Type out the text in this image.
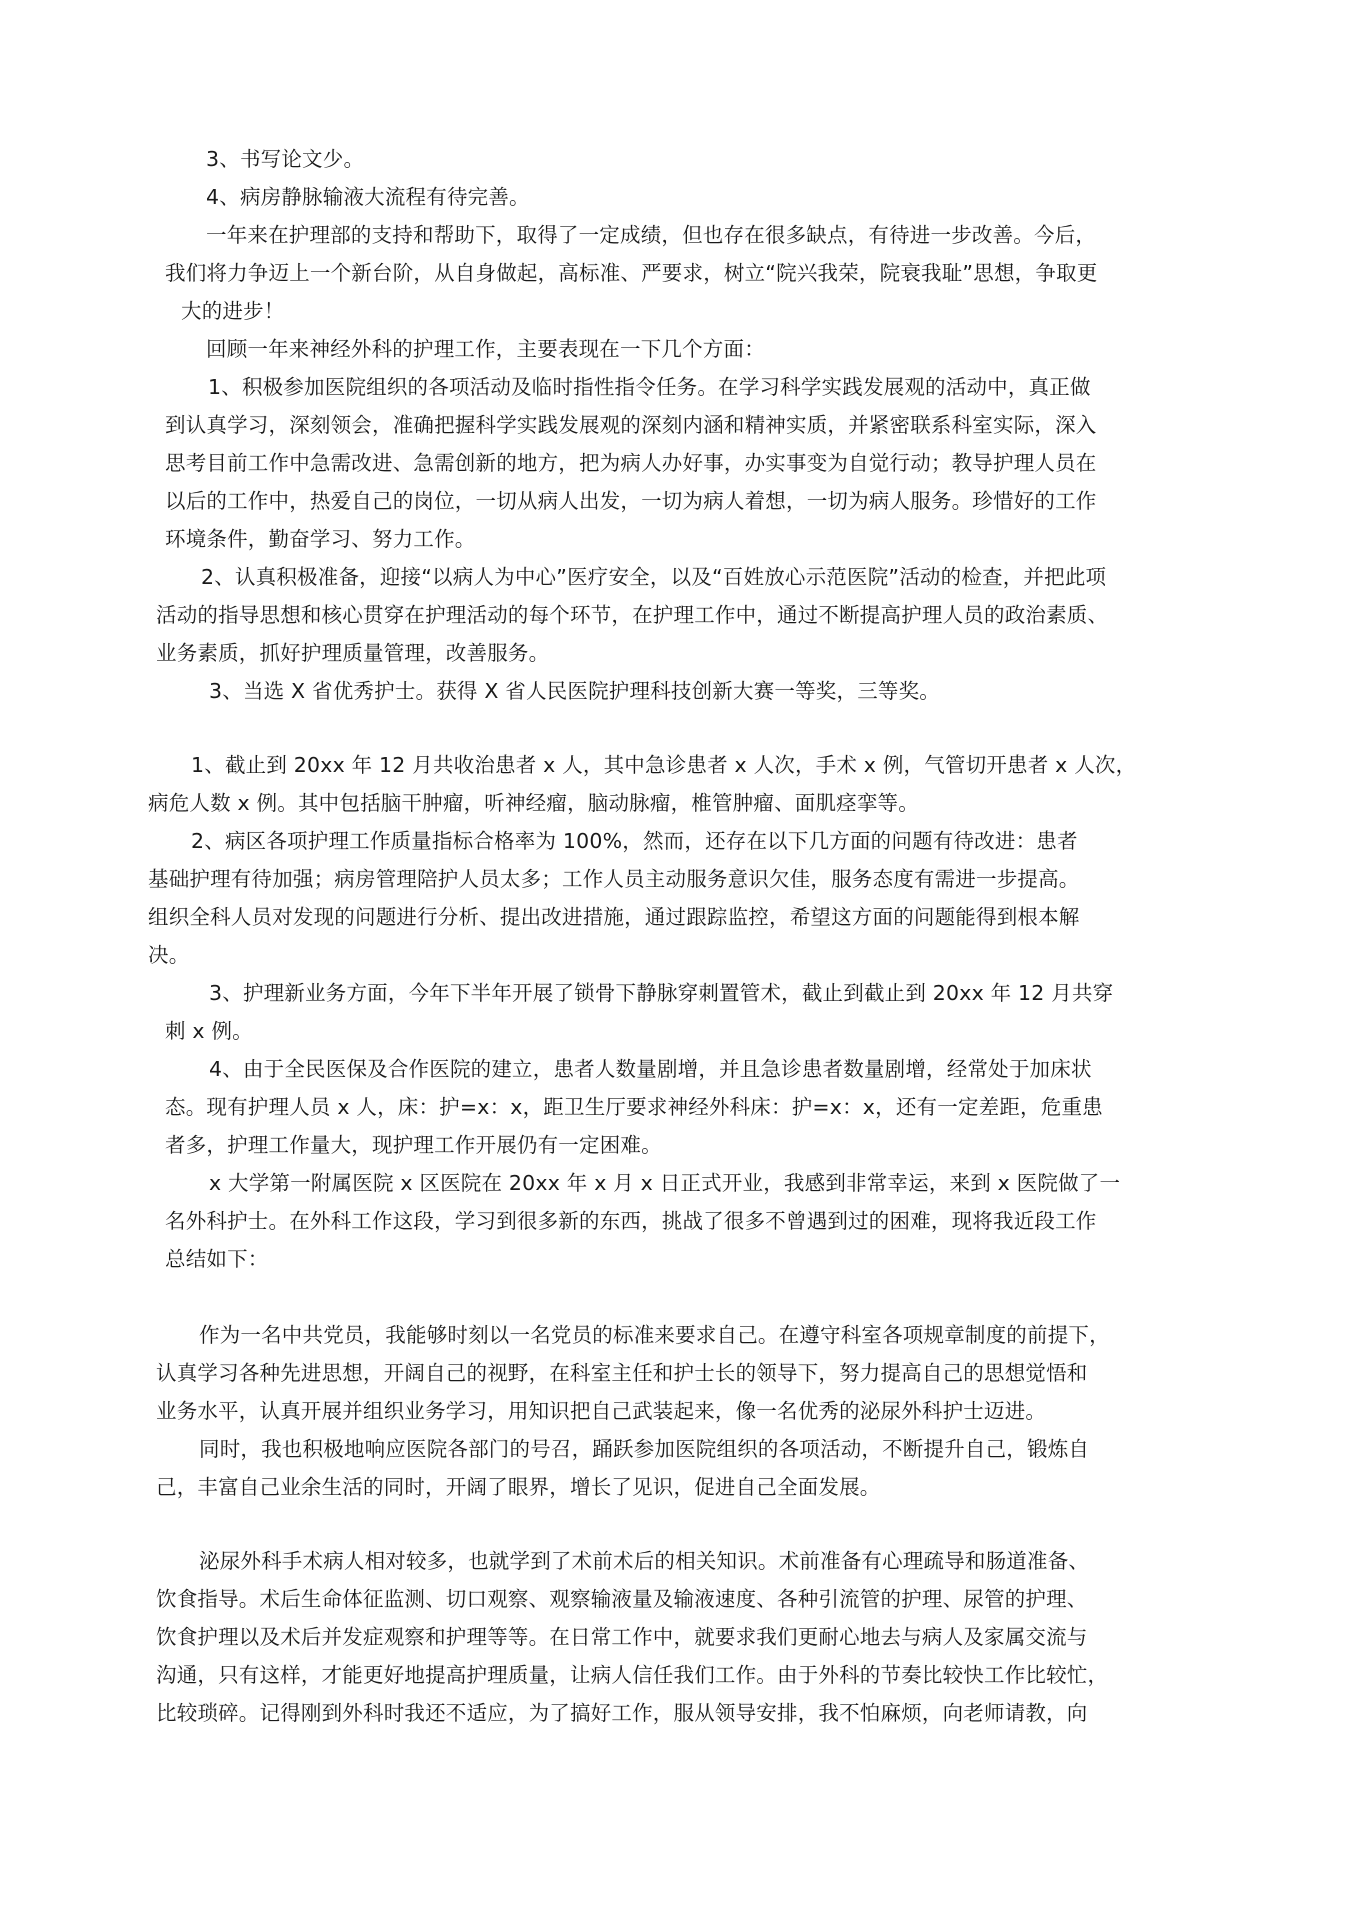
3、书写论文少。
4、病房静脉输液大流程有待完善。
一年来在护理部的支持和帮助下，取得了一定成绩，但也存在很多缺点，有待进一步改善。今后，
我们将力争迈上一个新台阶，从自身做起，高标准、严要求，树立“院兴我荣，院衰我耻”思想，争取更
大的进步！
回顾一年来神经外科的护理工作，主要表现在一下几个方面：
1、积极参加医院组织的各项活动及临时指性指令任务。在学习科学实践发展观的活动中，真正做
到认真学习，深刻领会，准确把握科学实践发展观的深刻内涵和精神实质，并紧密联系科室实际，深入
思考目前工作中急需改进、急需创新的地方，把为病人办好事，办实事变为自觉行动；教导护理人员在
以后的工作中，热爱自己的岗位，一切从病人出发，一切为病人着想，一切为病人服务。珍惜好的工作
环境条件，勤奋学习、努力工作。
2、认真积极准备，迎接“以病人为中心”医疗安全，以及“百姓放心示范医院”活动的检查，并把此项
活动的指导思想和核心贯穿在护理活动的每个环节，在护理工作中，通过不断提高护理人员的政治素质、
业务素质，抓好护理质量管理，改善服务。
3、当选 X 省优秀护士。获得 X 省人民医院护理科技创新大赛一等奖，三等奖。
1、截止到 20xx 年 12 月共收治患者 x 人，其中急诊患者 x 人次，手术 x 例，气管切开患者 x 人次，
病危人数 x 例。其中包括脑干肿瘤，听神经瘤，脑动脉瘤，椎管肿瘤、面肌痉挛等。
2、病区各项护理工作质量指标合格率为 100%，然而，还存在以下几方面的问题有待改进：患者
基础护理有待加强；病房管理陪护人员太多；工作人员主动服务意识欠佳，服务态度有需进一步提高。
组织全科人员对发现的问题进行分析、提出改进措施，通过跟踪监控，希望这方面的问题能得到根本解
决。
3、护理新业务方面，今年下半年开展了锁骨下静脉穿刺置管术，截止到截止到 20xx 年 12 月共穿
刺 x 例。
4、由于全民医保及合作医院的建立，患者人数量剧增，并且急诊患者数量剧增，经常处于加床状
态。现有护理人员 x 人，床：护=x：x，距卫生厅要求神经外科床：护=x：x，还有一定差距，危重患
者多，护理工作量大，现护理工作开展仍有一定困难。
x 大学第一附属医院 x 区医院在 20xx 年 x 月 x 日正式开业，我感到非常幸运，来到 x 医院做了一
名外科护士。在外科工作这段，学习到很多新的东西，挑战了很多不曾遇到过的困难，现将我近段工作
总结如下：
作为一名中共党员，我能够时刻以一名党员的标准来要求自己。在遵守科室各项规章制度的前提下，
认真学习各种先进思想，开阔自己的视野，在科室主任和护士长的领导下，努力提高自己的思想觉悟和
业务水平，认真开展并组织业务学习，用知识把自己武装起来，像一名优秀的泌尿外科护士迈进。
同时，我也积极地响应医院各部门的号召，踊跃参加医院组织的各项活动，不断提升自己，锻炼自
己，丰富自己业余生活的同时，开阔了眼界，增长了见识，促进自己全面发展。
泌尿外科手术病人相对较多，也就学到了术前术后的相关知识。术前准备有心理疏导和肠道准备、
饮食指导。术后生命体征监测、切口观察、观察输液量及输液速度、各种引流管的护理、尿管的护理、
饮食护理以及术后并发症观察和护理等等。在日常工作中，就要求我们更耐心地去与病人及家属交流与
沟通，只有这样，才能更好地提高护理质量，让病人信任我们工作。由于外科的节奏比较快工作比较忙，
比较琐碎。记得刚到外科时我还不适应，为了搞好工作，服从领导安排，我不怕麻烦，向老师请教，向
